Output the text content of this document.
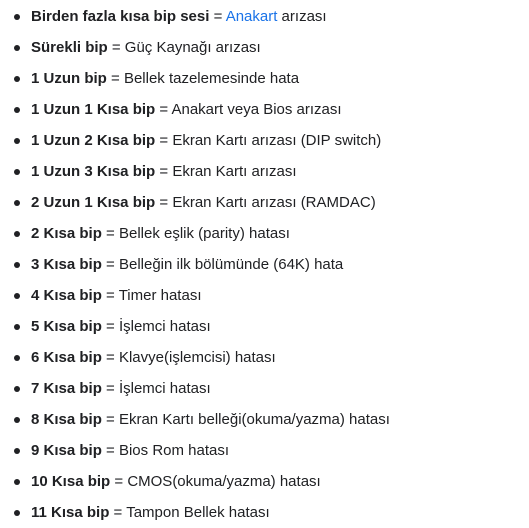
Birden fazla kısa bip sesi = Anakart arızası
Sürekli bip = Güç Kaynağı arızası
1 Uzun bip = Bellek tazelemesinde hata
1 Uzun 1 Kısa bip = Anakart veya Bios arızası
1 Uzun 2 Kısa bip = Ekran Kartı arızası (DIP switch)
1 Uzun 3 Kısa bip = Ekran Kartı arızası
2 Uzun 1 Kısa bip = Ekran Kartı arızası (RAMDAC)
2 Kısa bip = Bellek eşlik (parity) hatası
3 Kısa bip = Belleğin ilk bölümünde (64K) hata
4 Kısa bip = Timer hatası
5 Kısa bip = İşlemci hatası
6 Kısa bip = Klavye(işlemcisi) hatası
7 Kısa bip = İşlemci hatası
8 Kısa bip = Ekran Kartı belleği(okuma/yazma) hatası
9 Kısa bip = Bios Rom hatası
10 Kısa bip = CMOS(okuma/yazma) hatası
11 Kısa bip = Tampon Bellek hatası
